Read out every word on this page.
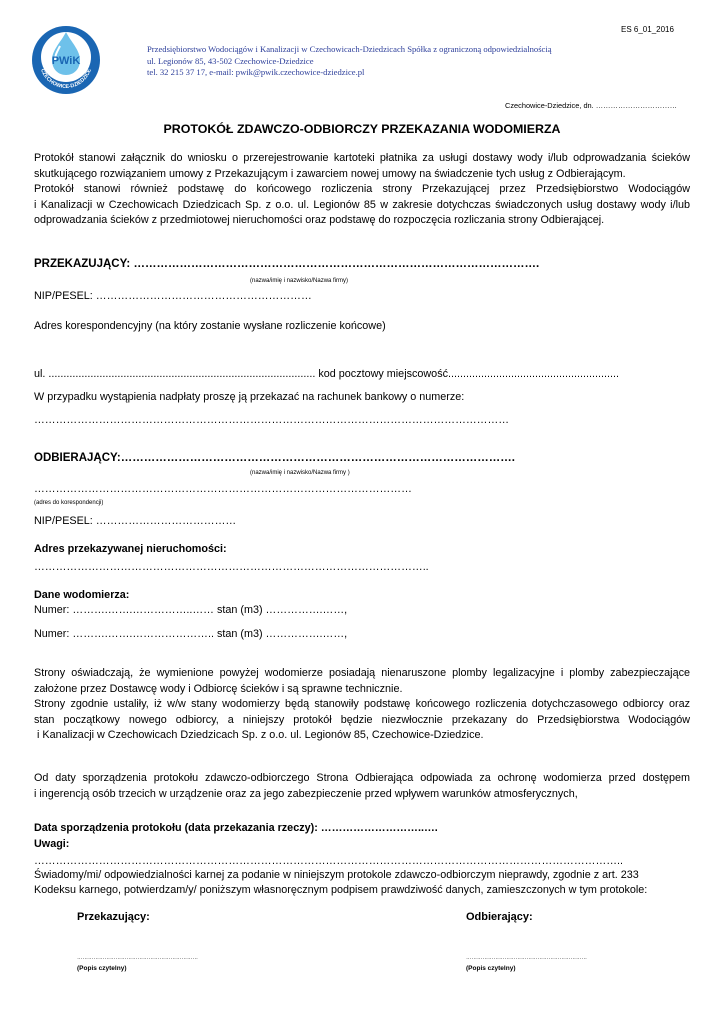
ES 6_01_2016
PWiK
CZECHOWICE-DZIEDZICE
Przedsiębiorstwo Wodociągów i Kanalizacji w Czechowicach-Dziedzicach Spółka z ograniczoną odpowiedzialnością
ul. Legionów 85, 43-502 Czechowice-Dziedzice
tel. 32 215 37 17, e-mail: pwik@pwik.czechowice-dziedzice.pl
Czechowice-Dziedzice, dn. ……………………………
PROTOKÓŁ ZDAWCZO-ODBIORCZY PRZEKAZANIA WODOMIERZA
Protokół stanowi załącznik do wniosku o przerejestrowanie kartoteki płatnika za usługi dostawy wody i/lub odprowadzania ścieków
skutkującego rozwiązaniem umowy z Przekazującym i zawarciem nowej umowy na świadczenie tych usług z Odbierającym.
Protokół stanowi również podstawę do końcowego rozliczenia strony Przekazującej przez Przedsiębiorstwo Wodociągów
i Kanalizacji w Czechowicach Dziedzicach Sp. z o.o. ul. Legionów 85 w zakresie dotychczas świadczonych usług dostawy wody i/lub
odprowadzania ścieków z przedmiotowej nieruchomości oraz podstawę do rozpoczęcia rozliczania strony Odbierającej.
PRZEKAZUJĄCY: …………………………………………………………………………………………….
(nazwa/imię i nazwisko/Nazwa firmy)
NIP/PESEL: ……………………………………………………
Adres korespondencyjny (na który zostanie wysłane rozliczenie końcowe)
ul. ......................................................................................... kod pocztowy miejscowość.........................................................
W przypadku wystąpienia nadpłaty proszę ją przekazać na rachunek bankowy o numerze:
……………………………………………………………………………………………………………………
ODBIERAJĄCY:………………………………………………………………………………………….
(nazwa/imię i nazwisko/Nazwa firmy )
……………………………………………………………………………………………
(adres do korespondencji)
NIP/PESEL: …………………………………
Adres przekazywanej nieruchomości:
………………………………………………………………………………………………..
Dane wodomierza:
Numer: ……….…….……………..…… stan (m3) …………….……,
Numer: ……….…….………………….. stan (m3) …………….……,
Strony oświadczają, że wymienione powyżej wodomierze posiadają nienaruszone plomby legalizacyjne i plomby zabezpieczające
założone przez Dostawcę wody i Odbiorcę ścieków i są sprawne technicznie.
Strony zgodnie ustaliły, iż w/w stany wodomierzy będą stanowiły podstawę końcowego rozliczenia dotychczasowego odbiorcy oraz
stan początkowy nowego odbiorcy, a niniejszy protokół będzie niezwłocznie przekazany do Przedsiębiorstwa Wodociągów
i Kanalizacji w Czechowicach Dziedzicach Sp. z o.o. ul. Legionów 85, Czechowice-Dziedzice.
Od daty sporządzenia protokołu zdawczo-odbiorczego Strona Odbierająca odpowiada za ochronę wodomierza przed dostępem
i ingerencją osób trzecich w urządzenie oraz za jego zabezpieczenie przed wpływem warunków atmosferycznych,
Data sporządzenia protokołu (data przekazania rzeczy): ………………………..….
Uwagi:
………………………………………………………………………………………………………………………………………………..
Świadomy/mi/ odpowiedzialności karnej za podanie w niniejszym protokole zdawczo-odbiorczym nieprawdy, zgodnie z art. 233
Kodeksu karnego, potwierdzam/y/ poniższym własnoręcznym podpisem prawdziwość danych, zamieszczonych w tym protokole:
Przekazujący:	Odbierający:
…………………………………………………………	…………………………………………………………
(Popis czytelny)	(Popis czytelny)
